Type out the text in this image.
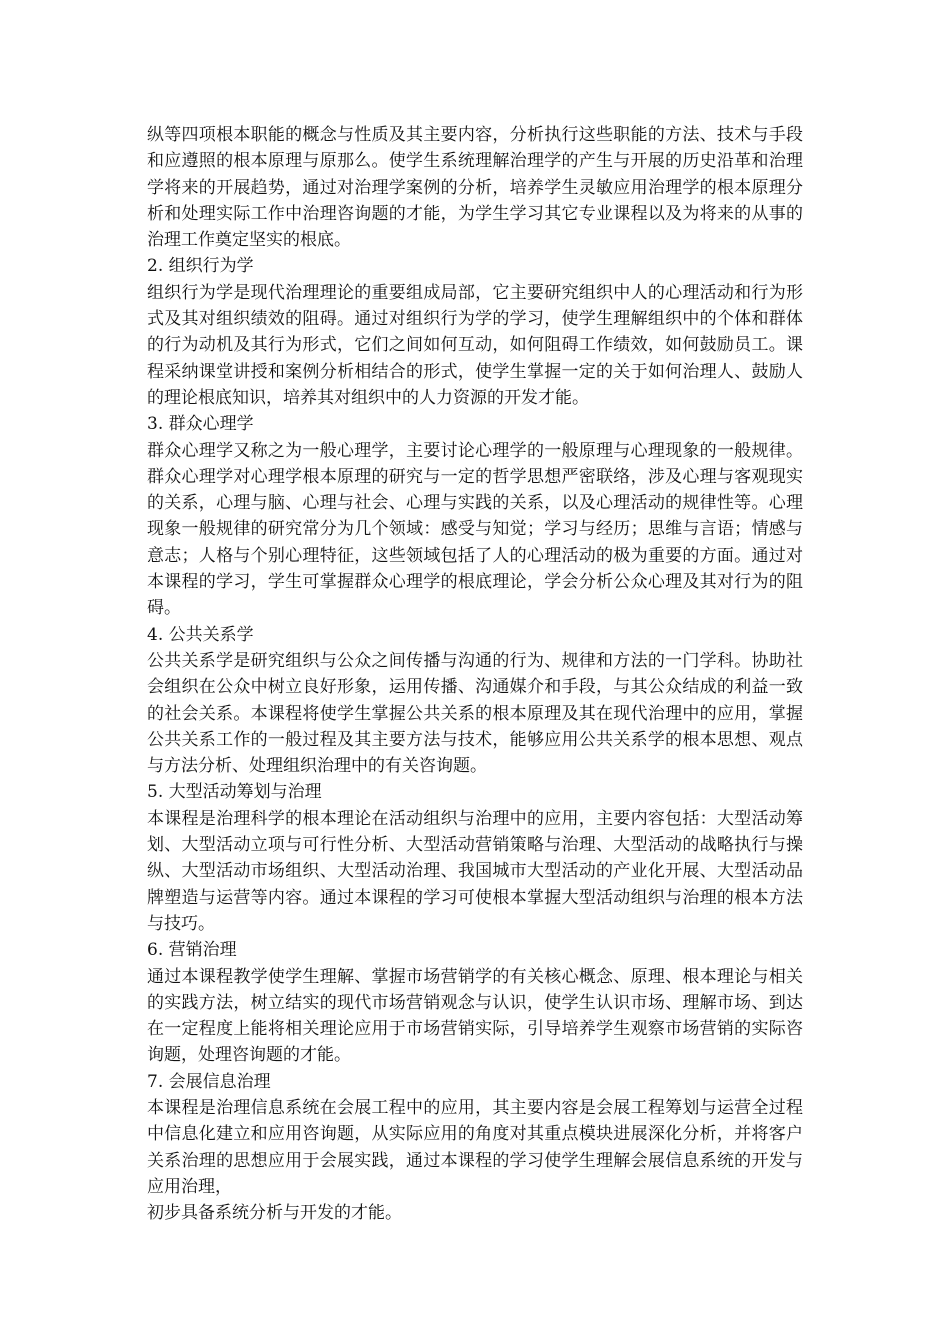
纵等四项根本职能的概念与性质及其主要内容，分析执行这些职能的方法、技术与手段和应遵照的根本原理与原那么。使学生系统理解治理学的产生与开展的历史沿革和治理学将来的开展趋势，通过对治理学案例的分析，培养学生灵敏应用治理学的根本原理分析和处理实际工作中治理咨询题的才能，为学生学习其它专业课程以及为将来的从事的治理工作奠定坚实的根底。

2. 组织行为学

组织行为学是现代治理理论的重要组成局部，它主要研究组织中人的心理活动和行为形式及其对组织绩效的阻碍。通过对组织行为学的学习，使学生理解组织中的个体和群体的行为动机及其行为形式，它们之间如何互动，如何阻碍工作绩效，如何鼓励员工。课程采纳课堂讲授和案例分析相结合的形式，使学生掌握一定的关于如何治理人、鼓励人的理论根底知识，培养其对组织中的人力资源的开发才能。

3. 群众心理学

群众心理学又称之为一般心理学，主要讨论心理学的一般原理与心理现象的一般规律。群众心理学对心理学根本原理的研究与一定的哲学思想严密联络，涉及心理与客观现实的关系，心理与脑、心理与社会、心理与实践的关系，以及心理活动的规律性等。心理现象一般规律的研究常分为几个领域：感受与知觉；学习与经历；思维与言语；情感与意志；人格与个别心理特征，这些领域包括了人的心理活动的极为重要的方面。通过对本课程的学习，学生可掌握群众心理学的根底理论，学会分析公众心理及其对行为的阻碍。

4. 公共关系学

公共关系学是研究组织与公众之间传播与沟通的行为、规律和方法的一门学科。协助社会组织在公众中树立良好形象，运用传播、沟通媒介和手段，与其公众结成的利益一致的社会关系。本课程将使学生掌握公共关系的根本原理及其在现代治理中的应用，掌握公共关系工作的一般过程及其主要方法与技术，能够应用公共关系学的根本思想、观点与方法分析、处理组织治理中的有关咨询题。

5. 大型活动筹划与治理

本课程是治理科学的根本理论在活动组织与治理中的应用，主要内容包括：大型活动筹划、大型活动立项与可行性分析、大型活动营销策略与治理、大型活动的战略执行与操纵、大型活动市场组织、大型活动治理、我国城市大型活动的产业化开展、大型活动品牌塑造与运营等内容。通过本课程的学习可使根本掌握大型活动组织与治理的根本方法与技巧。

6. 营销治理

通过本课程教学使学生理解、掌握市场营销学的有关核心概念、原理、根本理论与相关的实践方法，树立结实的现代市场营销观念与认识，使学生认识市场、理解市场、到达在一定程度上能将相关理论应用于市场营销实际，引导培养学生观察市场营销的实际咨询题，处理咨询题的才能。

7. 会展信息治理

本课程是治理信息系统在会展工程中的应用，其主要内容是会展工程筹划与运营全过程中信息化建立和应用咨询题，从实际应用的角度对其重点模块进展深化分析，并将客户关系治理的思想应用于会展实践，通过本课程的学习使学生理解会展信息系统的开发与应用治理，

初步具备系统分析与开发的才能。
